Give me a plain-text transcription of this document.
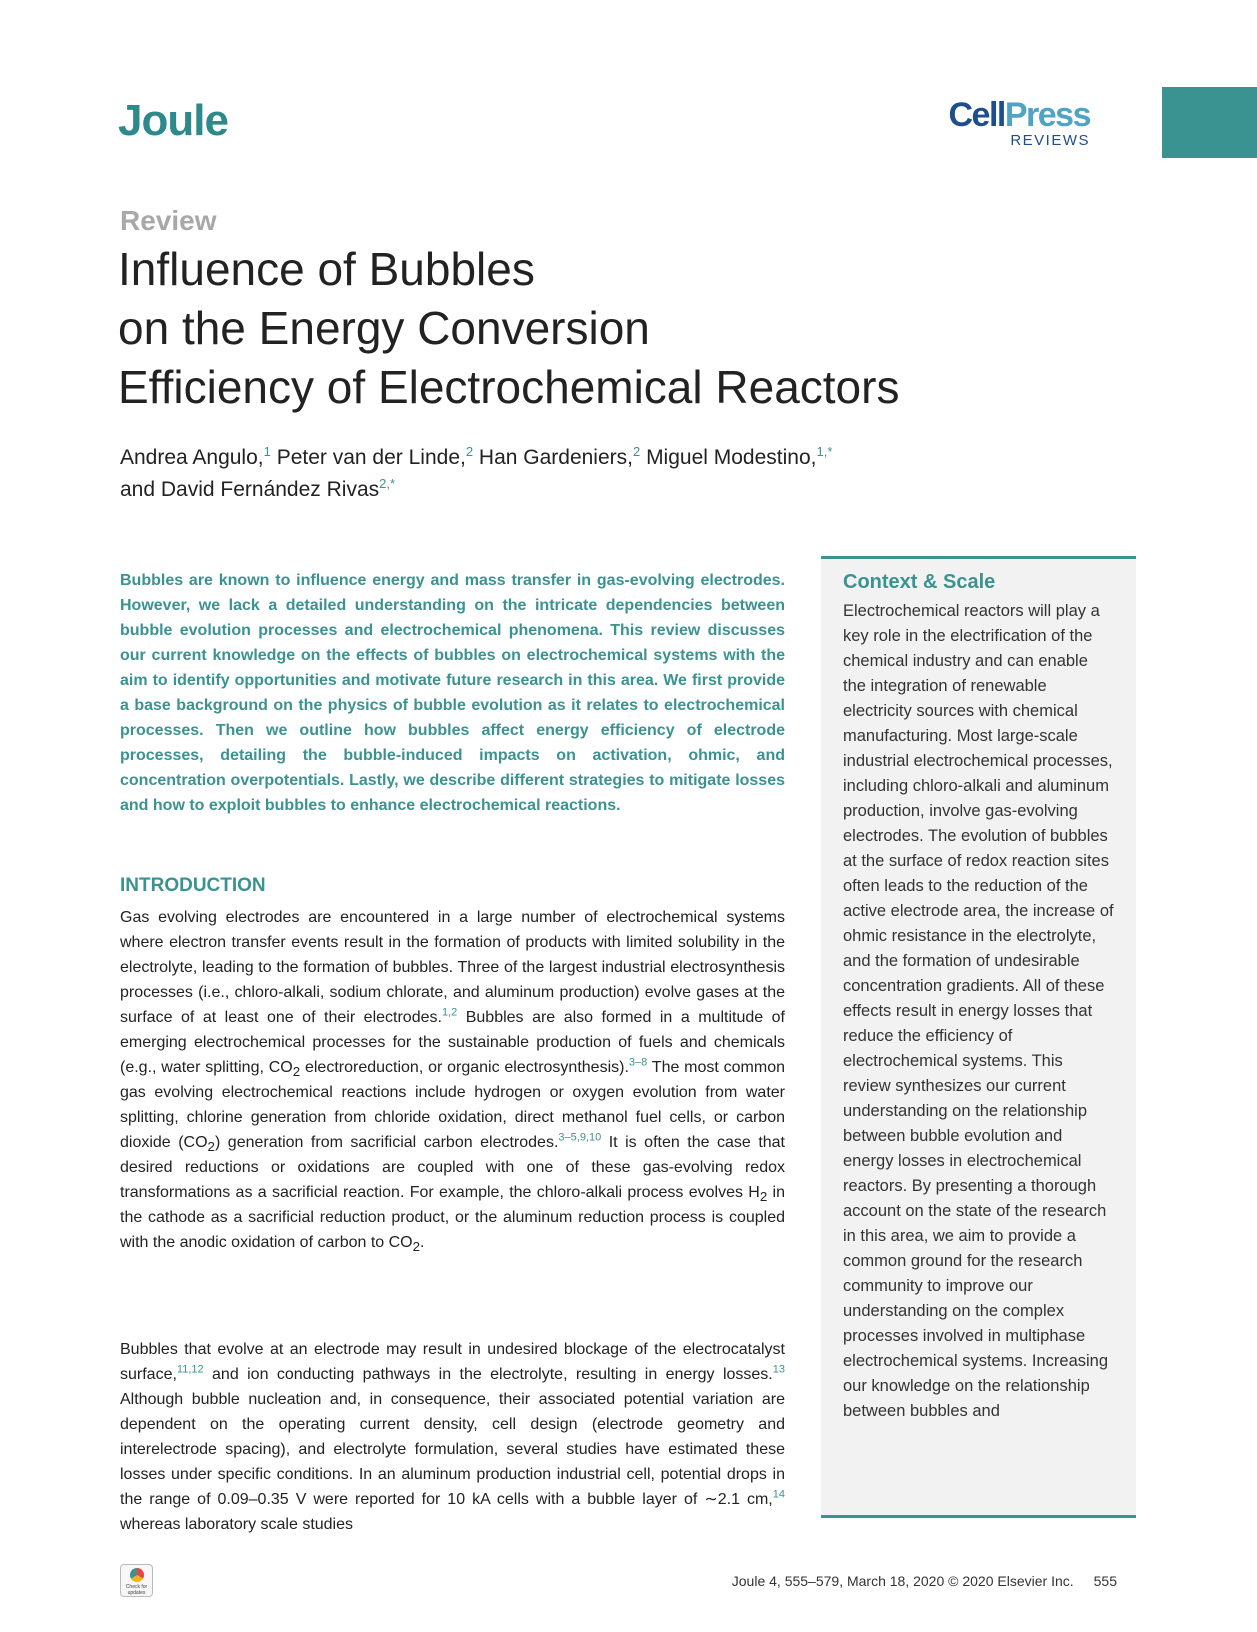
Joule	CellPress
REVIEWS
Review
Influence of Bubbles
on the Energy Conversion
Efficiency of Electrochemical Reactors
Andrea Angulo,$^1$ Peter van der Linde,$^2$ Han Gardeniers,$^2$ Miguel Modestino,$^{1,*}$
and David Fernández Rivas$^{2,*}$

Bubbles are known to influence energy and mass transfer in gas-evolving electrodes. However, we lack a detailed understanding on the intricate dependencies between bubble evolution processes and electrochemical phenomena. This review discusses our current knowledge on the effects of bubbles on electrochemical systems with the aim to identify opportunities and motivate future research in this area. We first provide a base background on the physics of bubble evolution as it relates to electrochemical processes. Then we outline how bubbles affect energy efficiency of electrode processes, detailing the bubble-induced impacts on activation, ohmic, and concentration overpotentials. Lastly, we describe different strategies to mitigate losses and how to exploit bubbles to enhance electrochemical reactions.

INTRODUCTION

Gas evolving electrodes are encountered in a large number of electrochemical systems where electron transfer events result in the formation of products with limited solubility in the electrolyte, leading to the formation of bubbles. Three of the largest industrial electrosynthesis processes (i.e., chloro-alkali, sodium chlorate, and aluminum production) evolve gases at the surface of at least one of their electrodes.$^{1,2}$ Bubbles are also formed in a multitude of emerging electrochemical processes for the sustainable production of fuels and chemicals (e.g., water splitting, $CO_2$ electroreduction, or organic electrosynthesis).$^{3-8}$ The most common gas evolving electrochemical reactions include hydrogen or oxygen evolution from water splitting, chlorine generation from chloride oxidation, direct methanol fuel cells, or carbon dioxide $(CO_2)$ generation from sacrificial carbon electrodes.$^{3-5,9,10}$ It is often the case that desired reductions or oxidations are coupled with one of these gas-evolving redox transformations as a sacrificial reaction. For example, the chloro-alkali process evolves $H_2$ in the cathode as a sacrificial reduction product, or the aluminum reduction process is coupled with the anodic oxidation of carbon to $CO_2$.

Bubbles that evolve at an electrode may result in undesired blockage of the electrocatalyst surface,$^{11,12}$ and ion conducting pathways in the electrolyte, resulting in energy losses.$^{13}$ Although bubble nucleation and, in consequence, their associated potential variation are dependent on the operating current density, cell design (electrode geometry and interelectrode spacing), and electrolyte formulation, several studies have estimated these losses under specific conditions. In an aluminum production industrial cell, potential drops in the range of 0.09–0.35 V were reported for 10 kA cells with a bubble layer of ∼2.1 cm,$^{14}$ whereas laboratory scale studies

Context & Scale

Electrochemical reactors will play a key role in the electrification of the chemical industry and can enable the integration of renewable electricity sources with chemical manufacturing. Most large-scale industrial electrochemical processes, including chloro-alkali and aluminum production, involve gas-evolving electrodes. The evolution of bubbles at the surface of redox reaction sites often leads to the reduction of the active electrode area, the increase of ohmic resistance in the electrolyte, and the formation of undesirable concentration gradients. All of these effects result in energy losses that reduce the efficiency of electrochemical systems. This review synthesizes our current understanding on the relationship between bubble evolution and energy losses in electrochemical reactors. By presenting a thorough account on the state of the research in this area, we aim to provide a common ground for the research community to improve our understanding on the complex processes involved in multiphase electrochemical systems. Increasing our knowledge on the relationship between bubbles and

Check for updates
Joule 4, 555–579, March 18, 2020 © 2020 Elsevier Inc. 555
